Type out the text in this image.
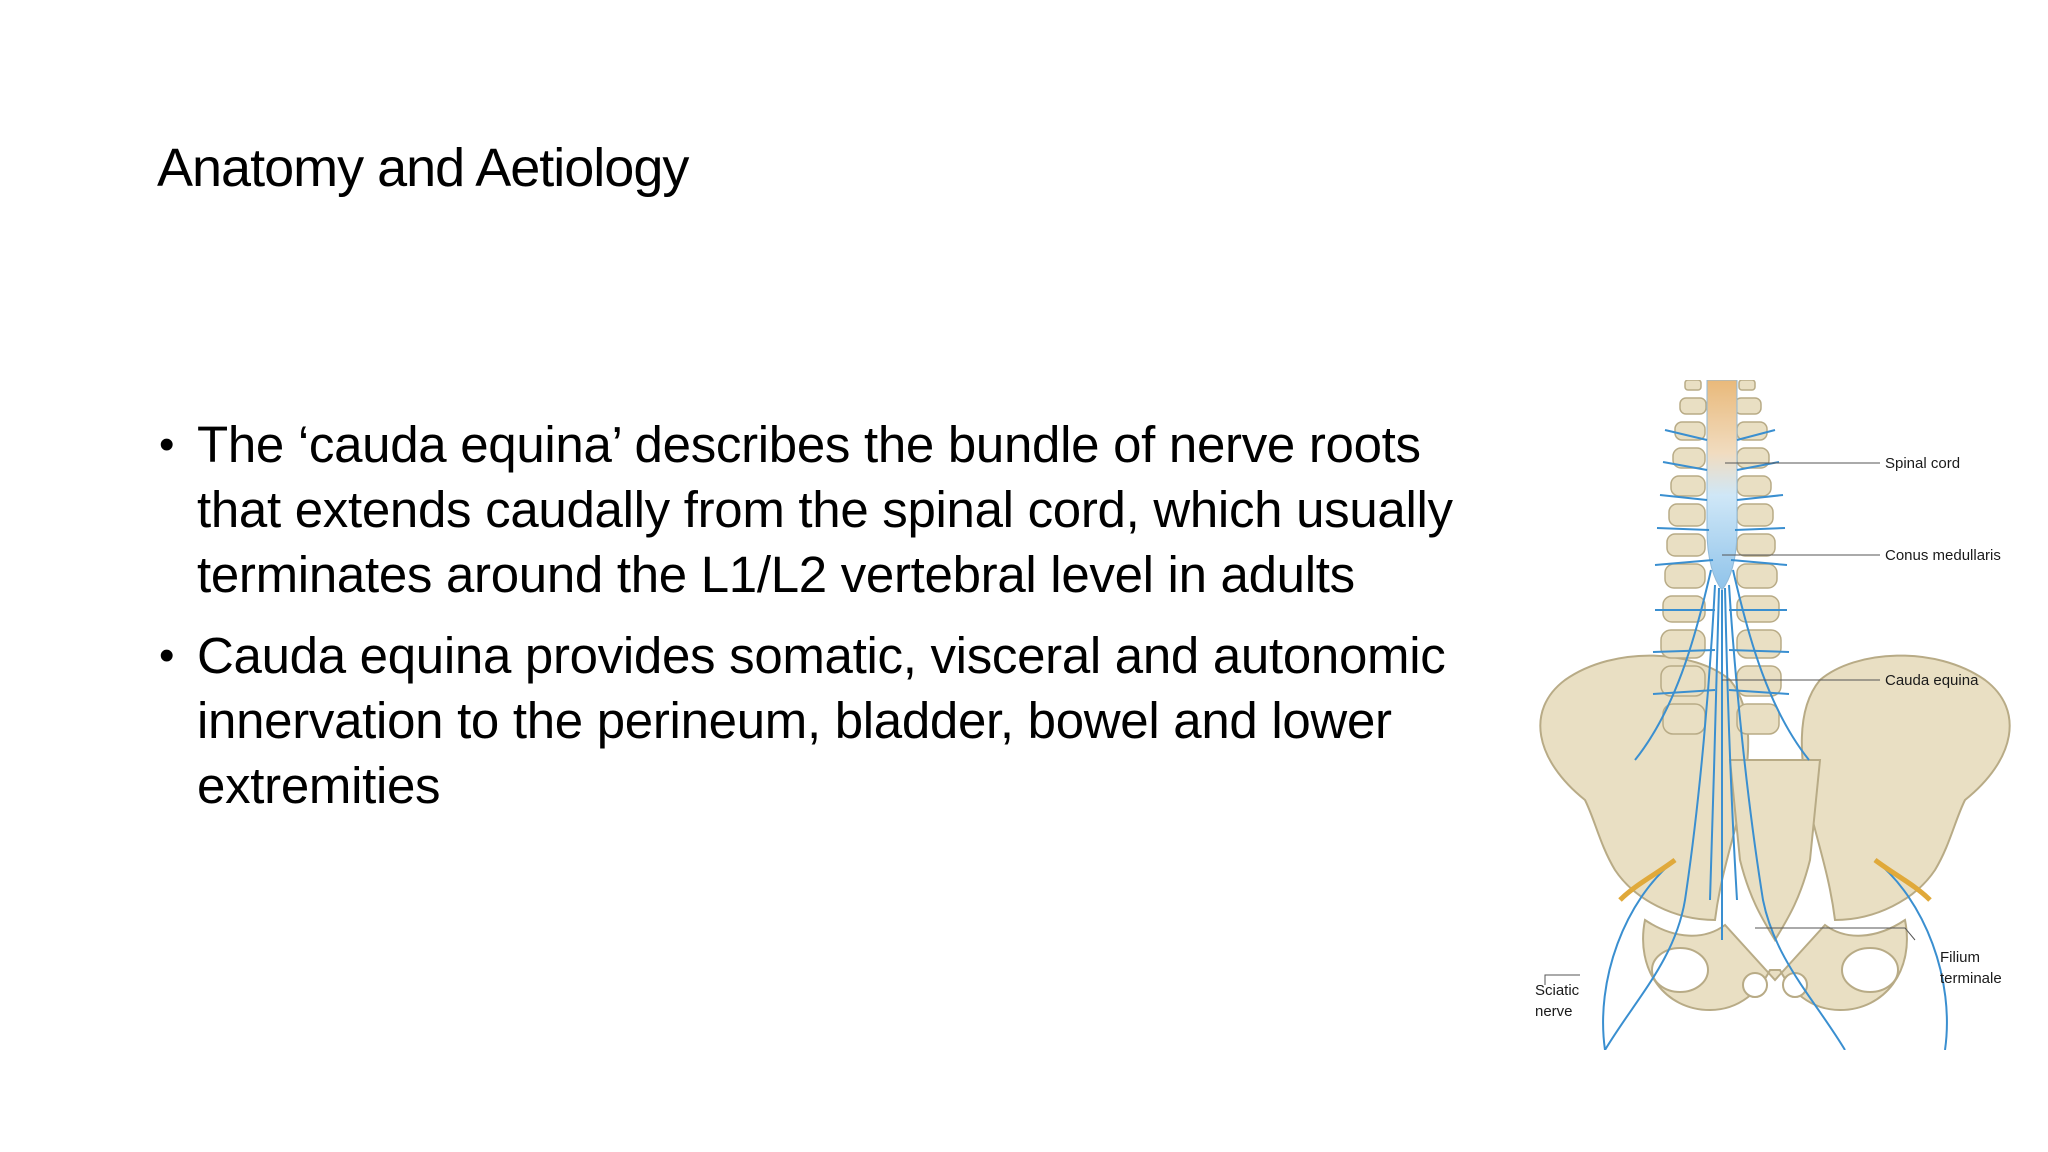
Anatomy and Aetiology
• The ‘cauda equina’ describes the bundle of nerve roots that extends caudally from the spinal cord, which usually terminates around the L1/L2 vertebral level in adults
• Cauda equina provides somatic, visceral and autonomic innervation to the perineum, bladder, bowel and lower extremities
Spinal cord
Conus medullaris
Cauda equina
Filium
terminale
Sciatic
nerve
